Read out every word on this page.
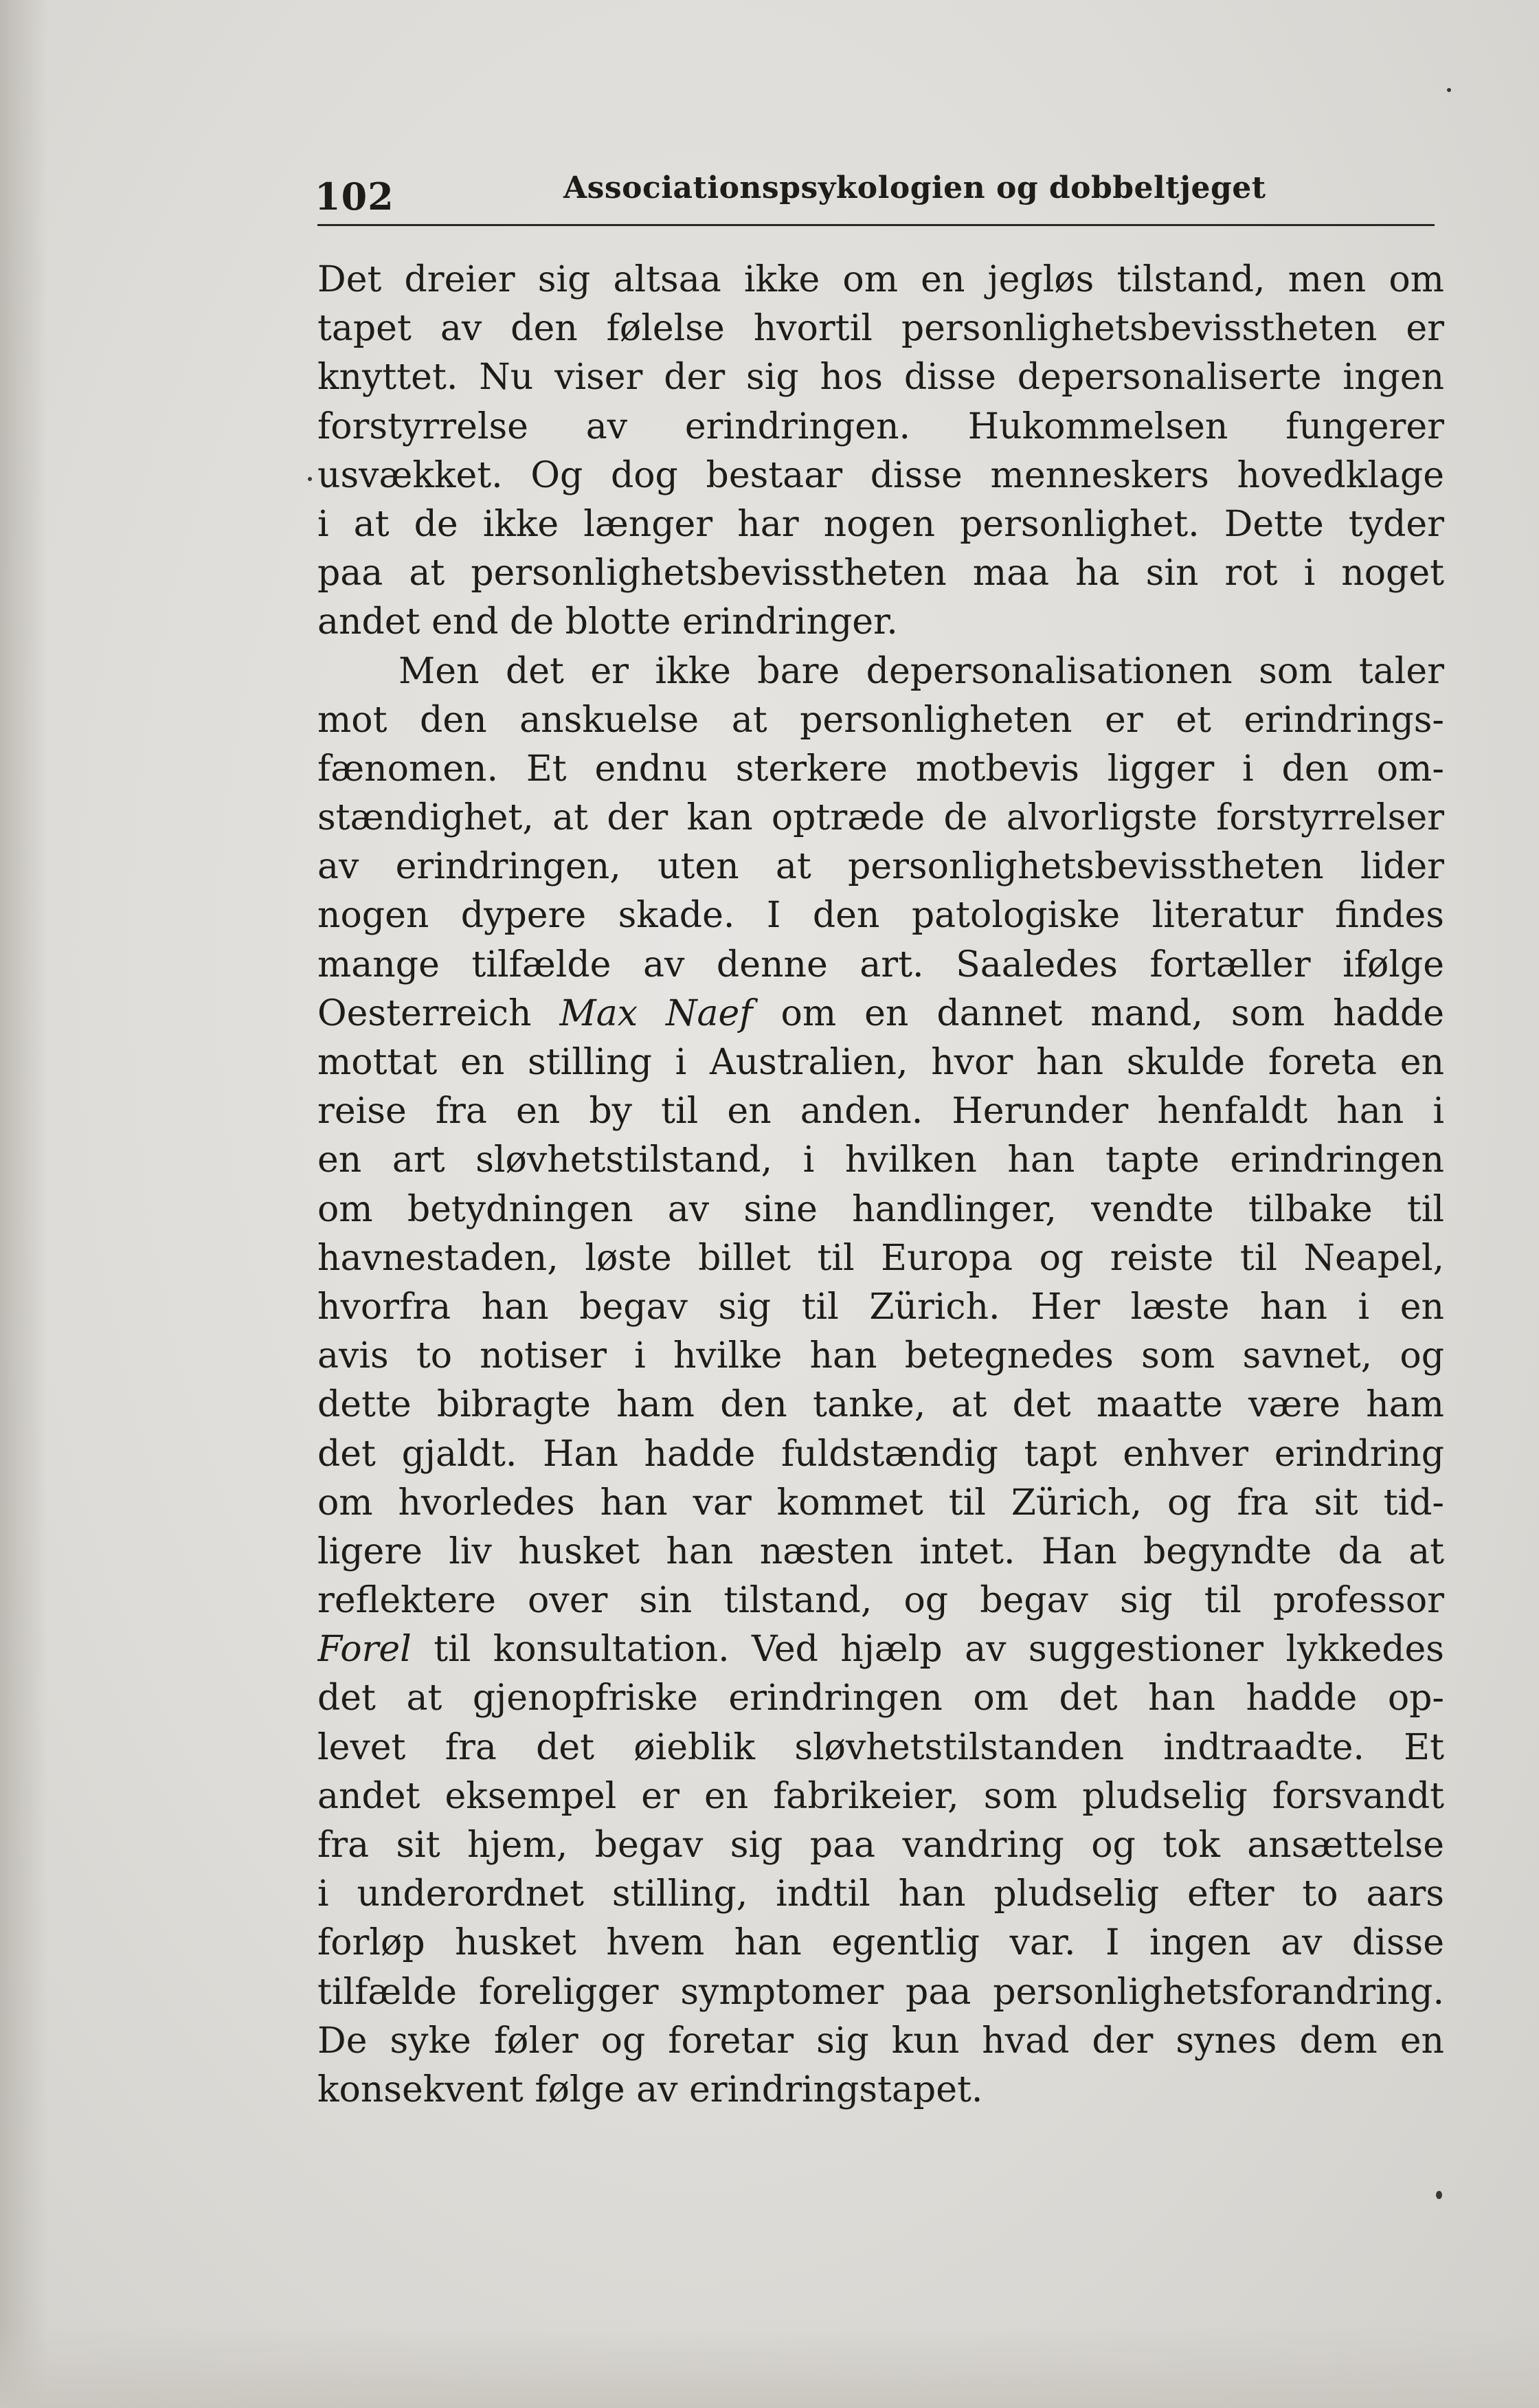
102	Associationspsykologien og dobbeltjeget
Det dreier sig altsaa ikke om en jegløs tilstand, men om
tapet av den følelse hvortil personlighetsbevisstheten er
knyttet. Nu viser der sig hos disse depersonaliserte ingen
forstyrrelse av erindringen. Hukommelsen fungerer
usvækket. Og dog bestaar disse menneskers hovedklage
i at de ikke længer har nogen personlighet. Dette tyder
paa at personlighetsbevisstheten maa ha sin rot i noget
andet end de blotte erindringer.
Men det er ikke bare depersonalisationen som taler
mot den anskuelse at personligheten er et erindrings-
fænomen. Et endnu sterkere motbevis ligger i den om-
stændighet, at der kan optræde de alvorligste forstyrrelser
av erindringen, uten at personlighetsbevisstheten lider
nogen dypere skade. I den patologiske literatur findes
mange tilfælde av denne art. Saaledes fortæller ifølge
Oesterreich Max Naef om en dannet mand, som hadde
mottat en stilling i Australien, hvor han skulde foreta en
reise fra en by til en anden. Herunder henfaldt han i
en art sløvhetstilstand, i hvilken han tapte erindringen
om betydningen av sine handlinger, vendte tilbake til
havnestaden, løste billet til Europa og reiste til Neapel,
hvorfra han begav sig til Zürich. Her læste han i en
avis to notiser i hvilke han betegnedes som savnet, og
dette bibragte ham den tanke, at det maatte være ham
det gjaldt. Han hadde fuldstændig tapt enhver erindring
om hvorledes han var kommet til Zürich, og fra sit tid-
ligere liv husket han næsten intet. Han begyndte da at
reflektere over sin tilstand, og begav sig til professor
Forel til konsultation. Ved hjælp av suggestioner lykkedes
det at gjenopfriske erindringen om det han hadde op-
levet fra det øieblik sløvhetstilstanden indtraadte. Et
andet eksempel er en fabrikeier, som pludselig forsvandt
fra sit hjem, begav sig paa vandring og tok ansættelse
i underordnet stilling, indtil han pludselig efter to aars
forløp husket hvem han egentlig var. I ingen av disse
tilfælde foreligger symptomer paa personlighetsforandring.
De syke føler og foretar sig kun hvad der synes dem en
konsekvent følge av erindringstapet.
